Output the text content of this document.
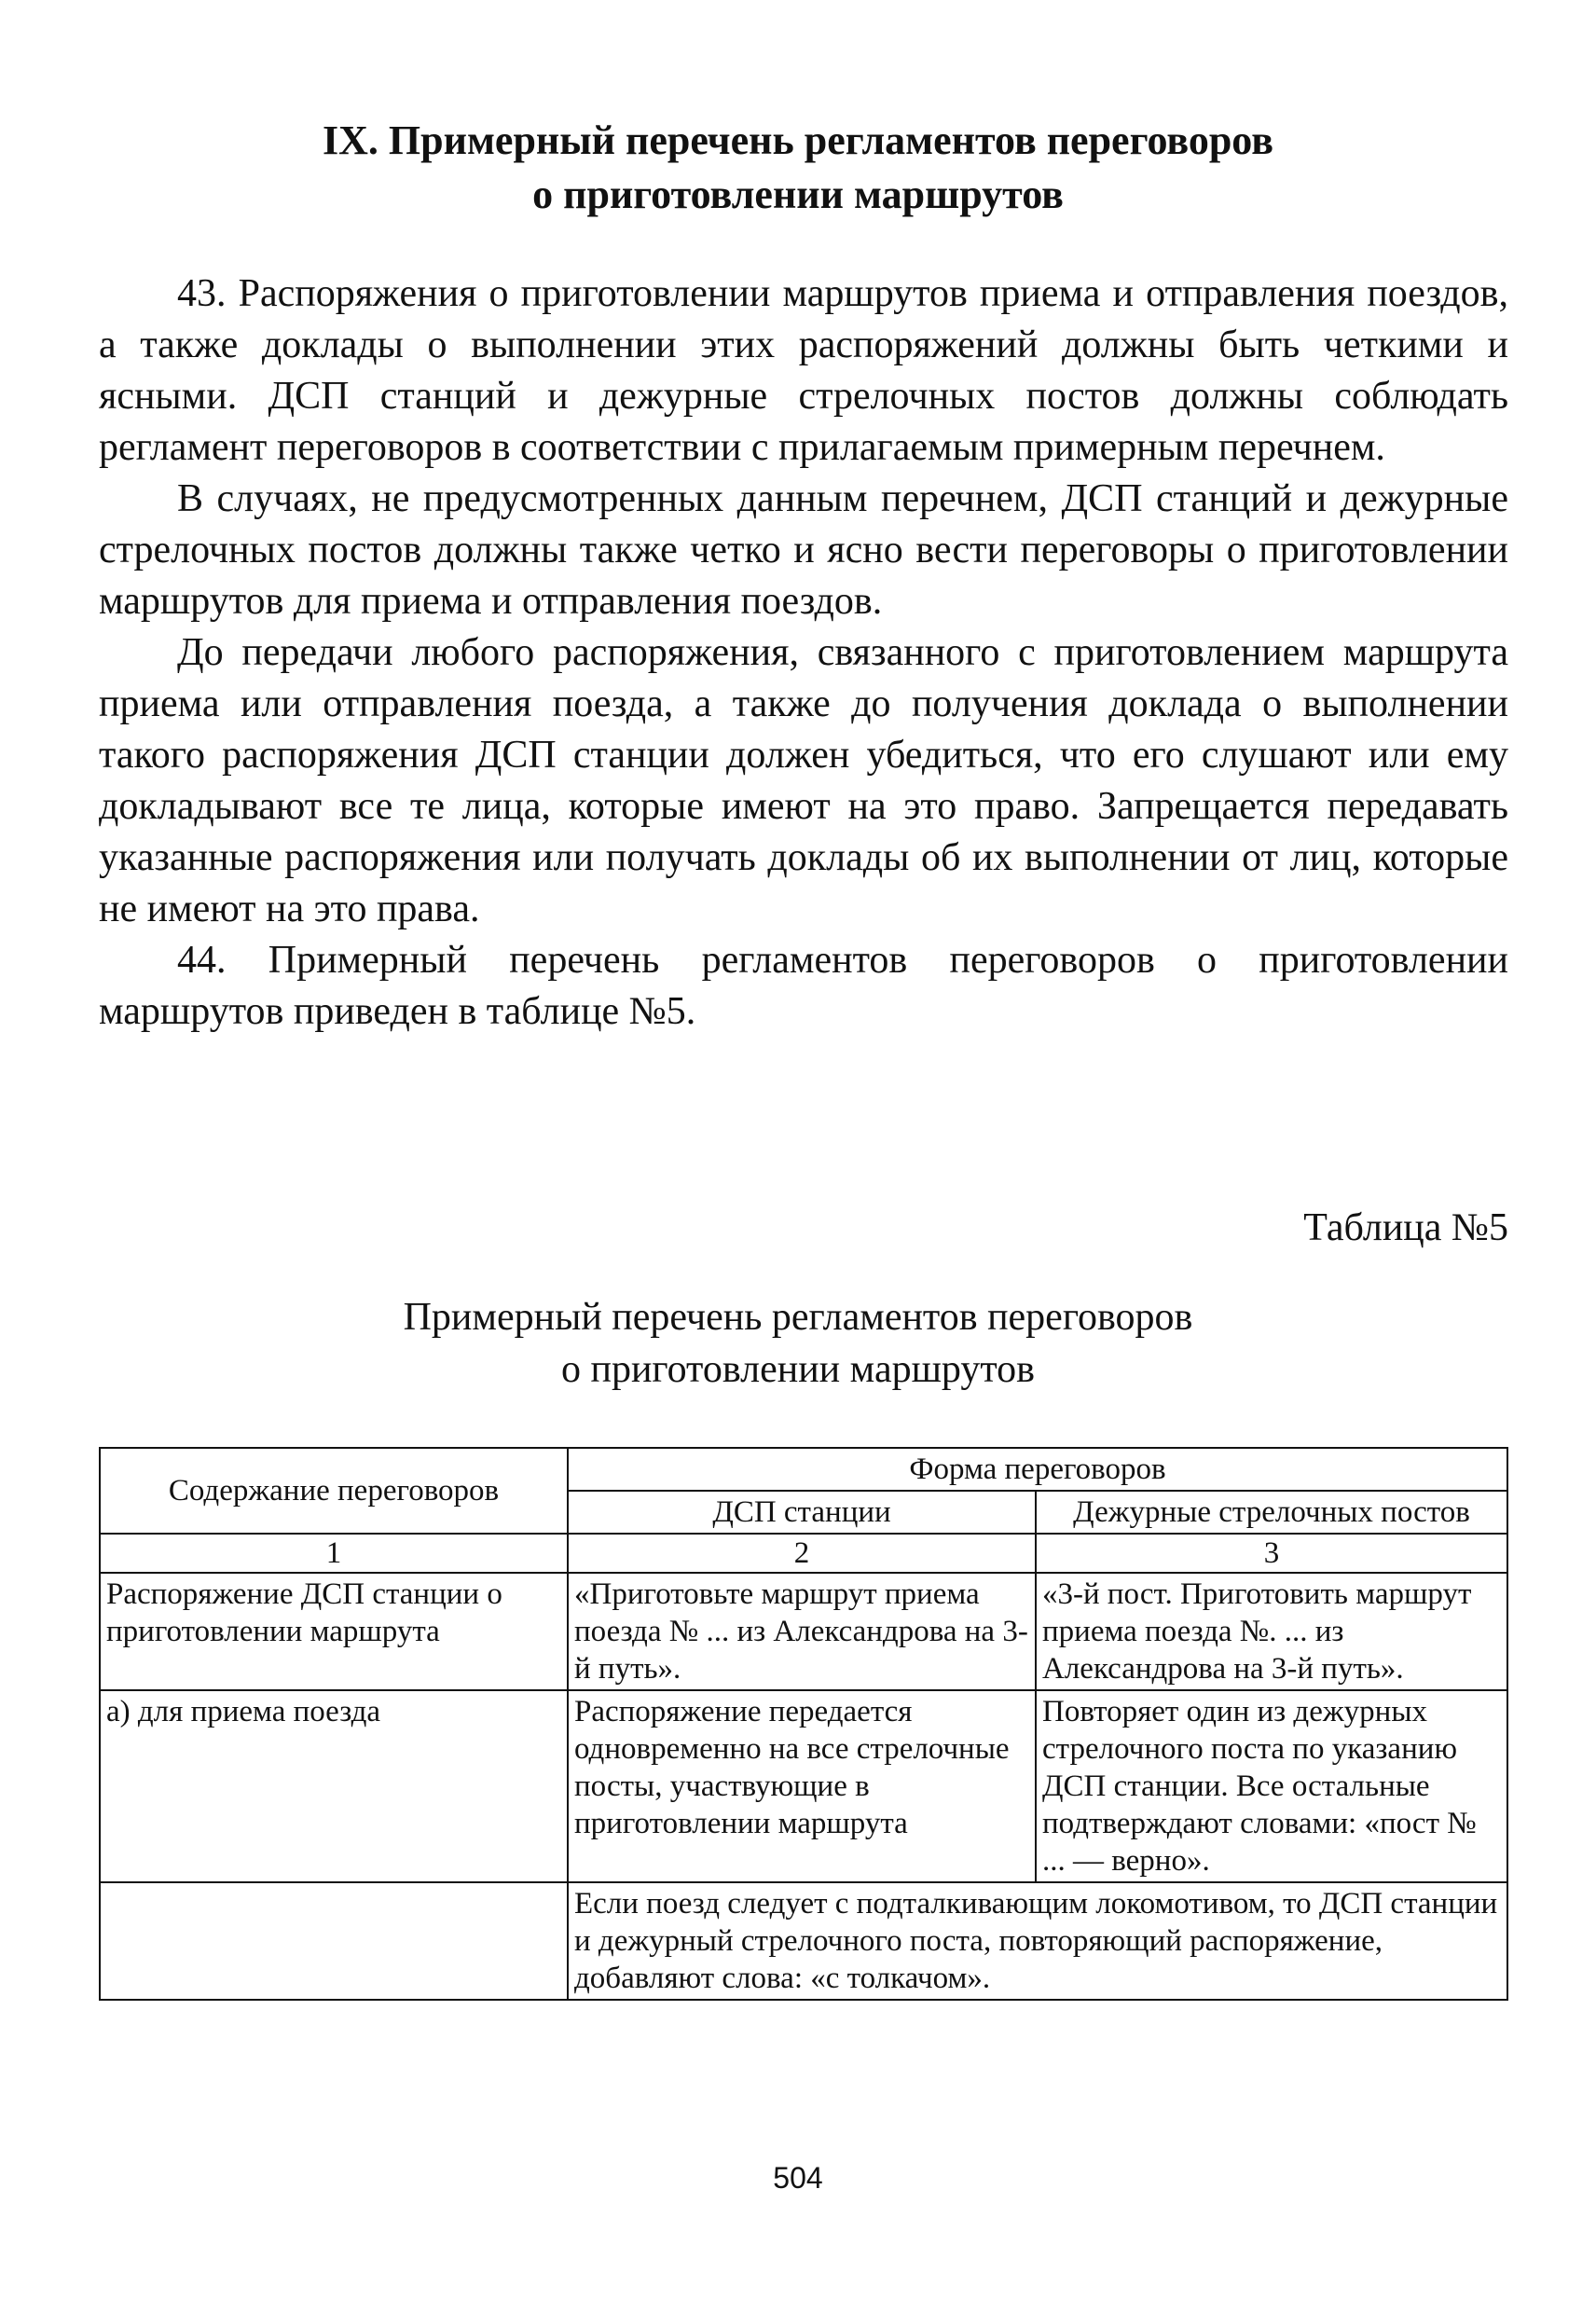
IX. Примерный перечень регламентов переговоров
о приготовлении маршрутов

43. Распоряжения о приготовлении маршрутов приема и отправления поездов, а также доклады о выполнении этих распоряжений должны быть четкими и ясными. ДСП станций и дежурные стрелочных постов должны соблюдать регламент переговоров в соответствии с прилагаемым примерным перечнем.

В случаях, не предусмотренных данным перечнем, ДСП станций и дежурные стрелочных постов должны также четко и ясно вести переговоры о приготовлении маршрутов для приема и отправления поездов.

До передачи любого распоряжения, связанного с приготовлением маршрута приема или отправления поезда, а также до получения доклада о выполнении такого распоряжения ДСП станции должен убедиться, что его слушают или ему докладывают все те лица, которые имеют на это право. Запрещается передавать указанные распоряжения или получать доклады об их выполнении от лиц, которые не имеют на это права.

44. Примерный перечень регламентов переговоров о приготовлении маршрутов приведен в таблице №5.

Таблица №5
Примерный перечень регламентов переговоров
о приготовлении маршрутов
Содержание переговоров	Форма переговоров	
	ДСП станции	Дежурные стрелочных постов
1	2	3
Распоряжение ДСП станции о приготовлении маршрута	«Приготовьте маршрут приема поезда № ... из Александрова на 3-й путь».	«3-й пост. Приготовить маршрут приема поезда №. ... из Александрова на 3-й путь».
а) для приема поезда	Распоряжение передается одновременно на все стрелочные посты, участвующие в приготовлении маршрута	Повторяет один из дежурных стрелочного поста по указанию ДСП станции. Все остальные подтверждают словами: «пост № ... — верно».
	Если поезд следует с подталкивающим локомотивом, то ДСП станции и дежурный стрелочного поста, повторяющий распоряжение, добавляют слова: «с толкачом».	
504
